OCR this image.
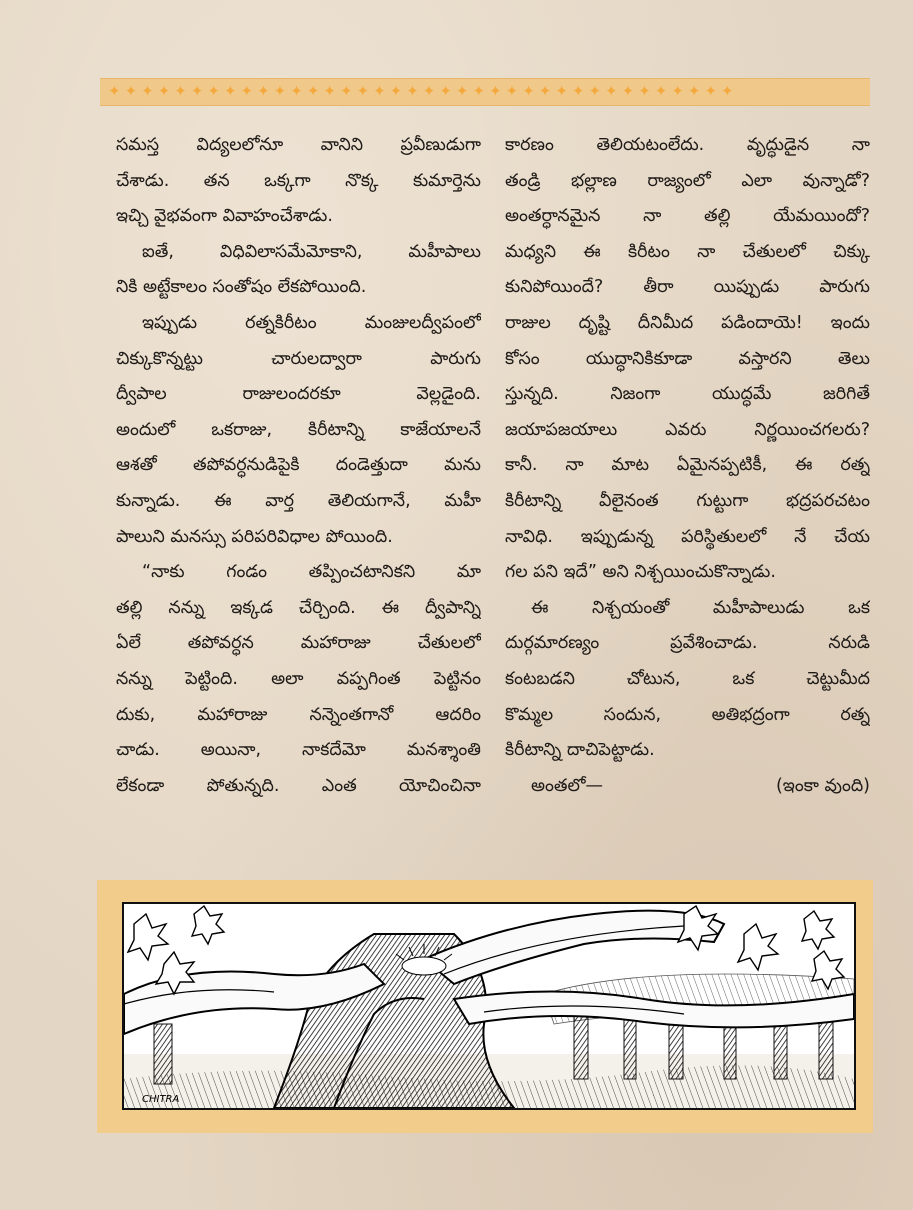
✦✦✦✦✦✦✦✦✦✦✦✦✦✦✦✦✦✦✦✦✦✦✦✦✦✦✦✦✦✦✦✦✦✦✦✦✦✦
సమస్త విద్యలలోనూ వానిని ప్రవీణుడుగా
చేశాడు. తన ఒక్కగా నొక్క కుమార్తెను
ఇచ్చి వైభవంగా వివాహంచేశాడు.
ఐతే, విధివిలాసమేమోకాని, మహీపాలు
నికి అట్టేకాలం సంతోషం లేకపోయింది.
ఇప్పుడు రత్నకిరీటం మంజులద్వీపంలో
చిక్కుకొన్నట్టు చారులద్వారా పారుగు
ద్వీపాల రాజులందరకూ వెల్లడైంది.
అందులో ఒకరాజు, కిరీటాన్ని కాజేయాలనే
ఆశతో తపోవర్ధనుడిపైకి దండెత్తుదా మను
కున్నాడు. ఈ వార్త తెలియగానే, మహీ
పాలుని మనస్సు పరిపరివిధాల పోయింది.
“నాకు గండం తప్పించటానికని మా
తల్లి నన్ను ఇక్కడ చేర్చింది. ఈ ద్వీపాన్ని
ఏలే తపోవర్ధన మహారాజు చేతులలో
నన్ను పెట్టింది. అలా వప్పగింత పెట్టినం
దుకు, మహారాజు నన్నెంతగానో ఆదరిం
చాడు. అయినా, నాకదేమో మనశ్శాంతి
లేకండా పోతున్నది. ఎంత యోచించినా
కారణం తెలియటంలేదు. వృద్ధుడైన నా
తండ్రి భల్లాణ రాజ్యంలో ఎలా వున్నాడో?
అంతర్ధానమైన నా తల్లి యేమయిందో?
మధ్యని ఈ కిరీటం నా చేతులలో చిక్కు
కునిపోయిందే? తీరా యిప్పుడు పారుగు
రాజుల దృష్టి దీనిమీద పడిందాయె! ఇందు
కోసం యుద్ధానికికూడా వస్తారని తెలు
స్తున్నది. నిజంగా యుద్ధమే జరిగితే
జయాపజయాలు ఎవరు నిర్ణయించగలరు?
కానీ. నా మాట ఏమైనప్పటికీ, ఈ రత్న
కిరీటాన్ని వీలైనంత గుట్టుగా భద్రపరచటం
నావిధి. ఇప్పుడున్న పరిస్థితులలో నే చేయ
గల పని ఇదే” అని నిశ్చయించుకొన్నాడు.
ఈ నిశ్చయంతో మహీపాలుడు ఒక
దుర్గమారణ్యం ప్రవేశించాడు. నరుడి
కంటబడని చోటున, ఒక చెట్టుమీద
కొమ్మల సందున, అతిభద్రంగా రత్న
కిరీటాన్ని దాచిపెట్టాడు.
అంతలో—	(ఇంకా వుంది)
CHITRA
